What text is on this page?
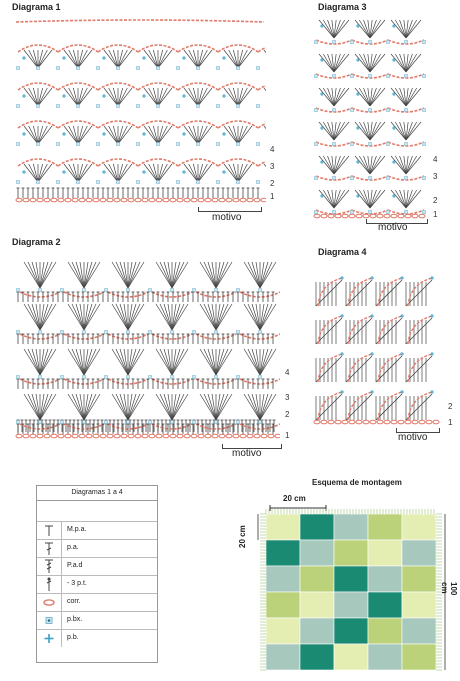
Diagrama 1	Diagrama 3
Diagrama 2
Diagrama 4
4
3
2
1
motivo
4
3
2
1
motivo
4
3
2
1
motivo
2
1
motivo
Diagramas 1 a 4
M.p.a.
p.a.
P.a.d
- 3 p.t.
corr.
p.bx.
p.b.
Esquema de montagem
20 cm
20 cm
100 cm
